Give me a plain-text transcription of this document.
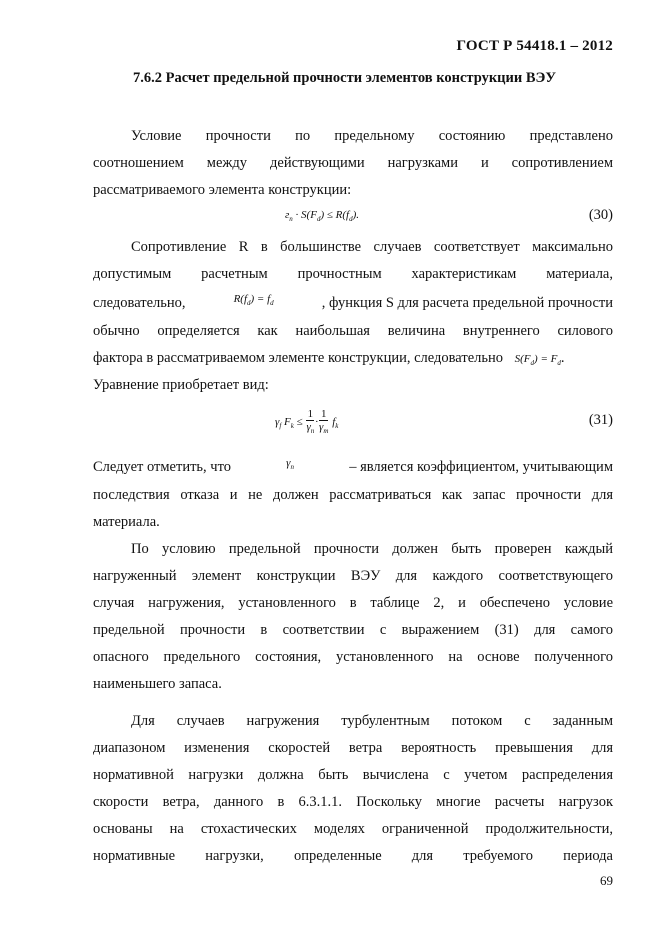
ГОСТ Р 54418.1 – 2012
7.6.2 Расчет предельной прочности элементов конструкции ВЭУ
Условие прочности по предельному состоянию представлено
соотношением между действующими нагрузками и сопротивлением
рассматриваемого элемента конструкции:
$г_n \cdot S(F_d) \le R(f_d)$.	(30)
Сопротивление R в большинстве случаев соответствует максимально
допустимым расчетным прочностным характеристикам материала,
следовательно,	$R(f_d) = f_d$	, функция S для расчета предельной прочности
обычно определяется как наибольшая величина внутреннего силового
фактора в рассматриваемом элементе конструкции, следовательно $S(F_d) = F_d$.
Уравнение приобретает вид:
$\gamma_f$ $F_k \le \frac{1}{\gamma_n} \cdot \frac{1}{\gamma_m} f_k$	(31)
Следует отметить, что	$\gamma_n$	– является коэффициентом, учитывающим
последствия отказа и не должен рассматриваться как запас прочности для
материала.
По условию предельной прочности должен быть проверен каждый
нагруженный элемент конструкции ВЭУ для каждого соответствующего
случая нагружения, установленного в таблице 2, и обеспечено условие
предельной прочности в соответствии с выражением (31) для самого
опасного предельного состояния, установленного на основе полученного
наименьшего запаса.
Для случаев нагружения турбулентным потоком с заданным
диапазоном изменения скоростей ветра вероятность превышения для
нормативной нагрузки должна быть вычислена с учетом распределения
скорости ветра, данного в 6.3.1.1. Поскольку многие расчеты нагрузок
основаны на стохастических моделях ограниченной продолжительности,
нормативные нагрузки, определенные для требуемого периода
69
